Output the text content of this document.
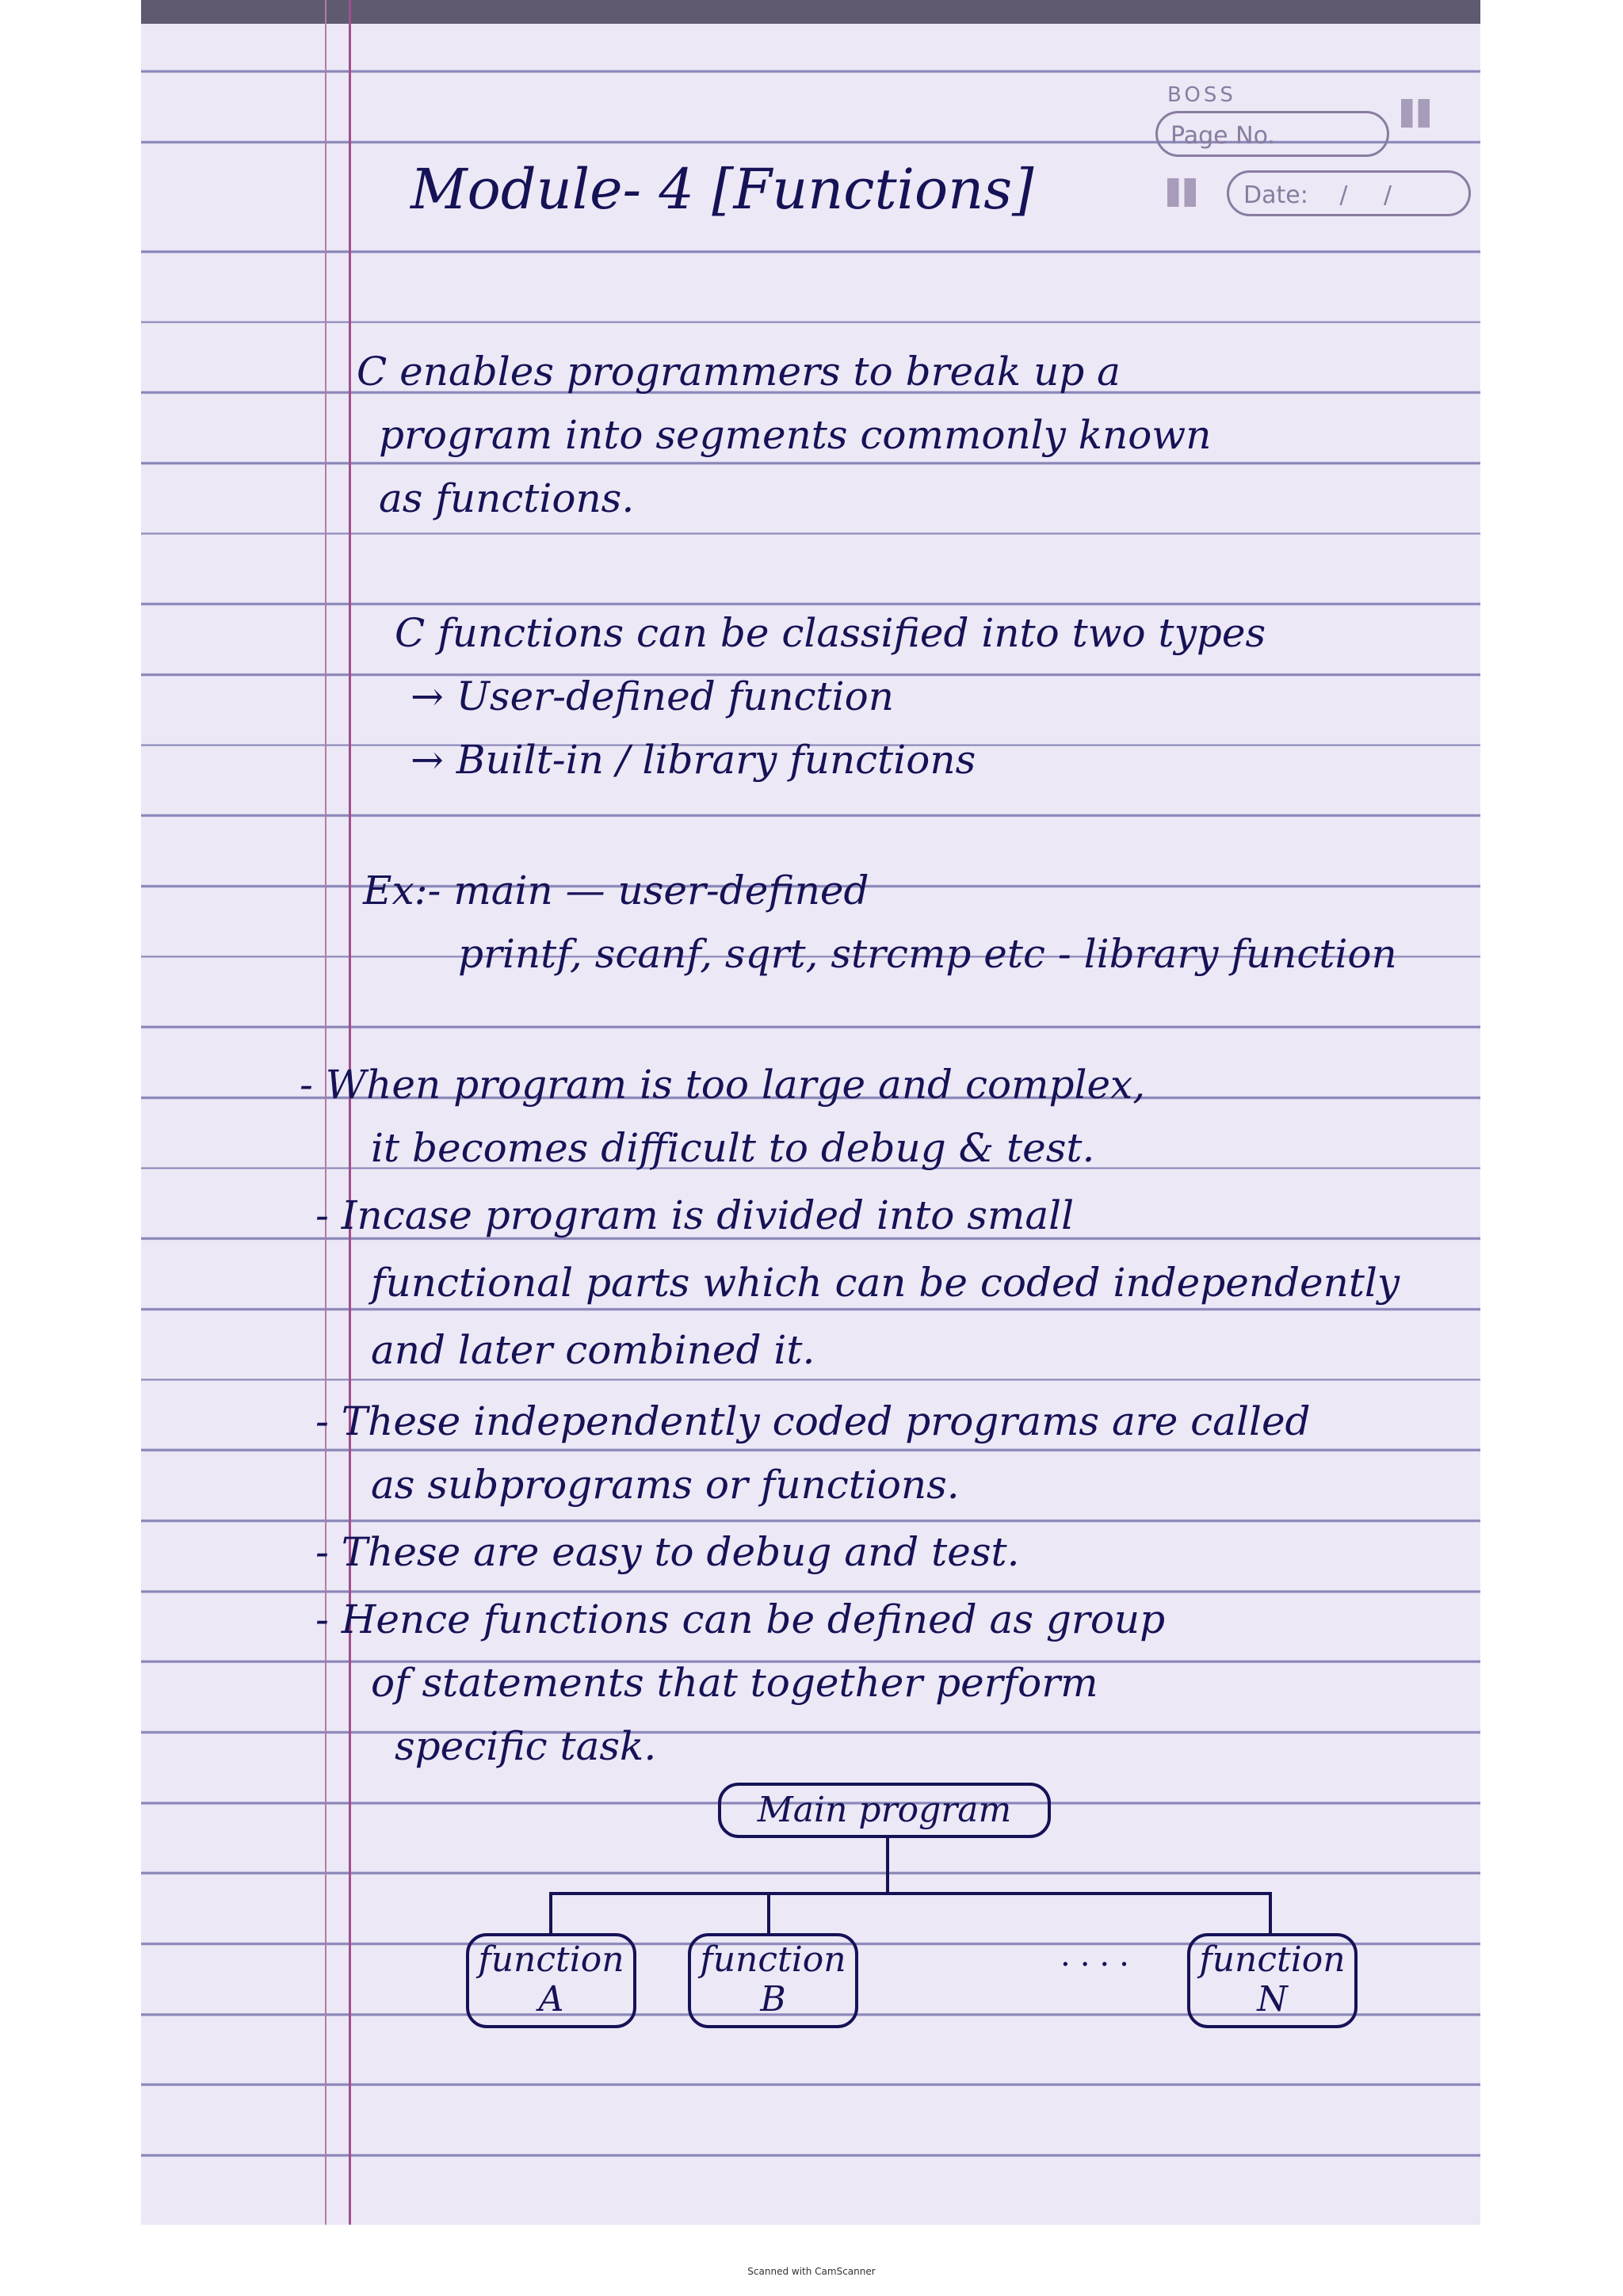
BOSS
Page No.
Date: / /
Module- 4 [Functions]
C enables programmers to break up a
program into segments commonly known
as functions.
C functions can be classified into two types
→ User-defined function
→ Built-in / library functions
Ex:- main — user-defined
printf, scanf, sqrt, strcmp etc - library function
- When program is too large and complex,
it becomes difficult to debug & test.
- Incase program is divided into small
functional parts which can be coded independently
and later combined it.
- These independently coded programs are called
as subprograms or functions.
- These are easy to debug and test.
- Hence functions can be defined as group
of statements that together perform
specific task.
Main program
function
A
function
B
.... function
N
Scanned with CamScanner
